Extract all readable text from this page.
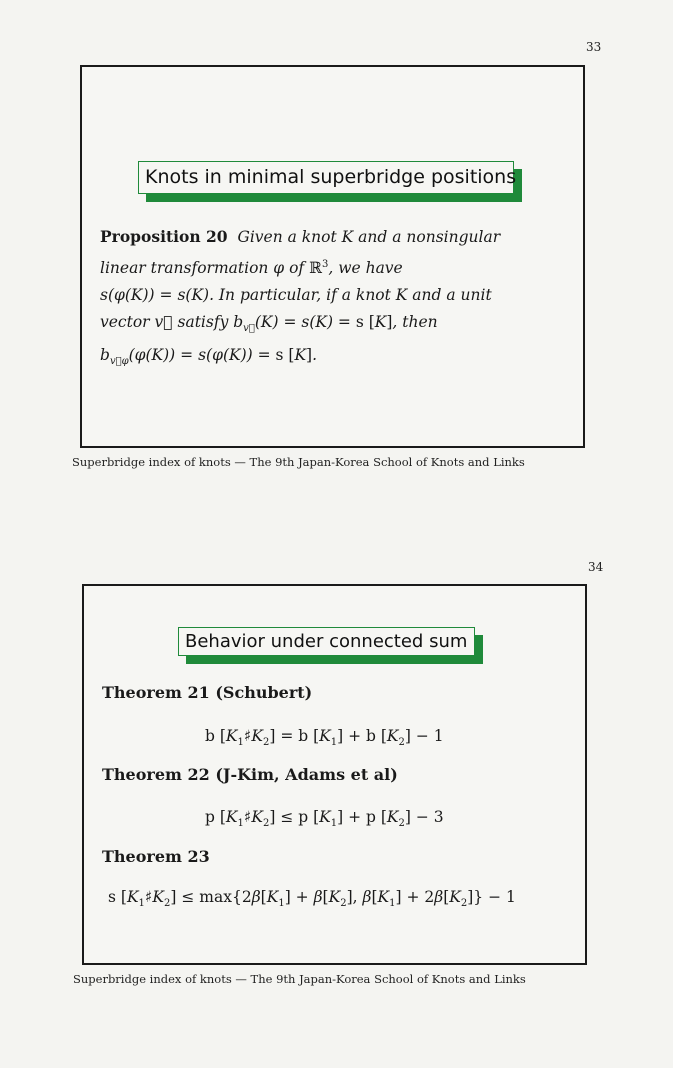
33
Knots in minimal superbridge positions
Proposition 20 Given a knot K and a nonsingular
linear transformation φ of ℝ$^3$, we have
s(φ(K)) = s(K). In particular, if a knot K and a unit
vector v⃗ satisfy $b_{v⃗}(K) = s(K) = s$ [K], then
$b_{v⃗\varphi}(\varphi(K)) = s(\varphi(K)) = s$ [K].
Superbridge index of knots — The 9th Japan-Korea School of Knots and Links
34
Behavior under connected sum
Theorem 21 (Schubert)
b $[K_1♯K_2] = b$ $[K_1] + b$ $[K_2] - 1$
Theorem 22 (J-Kim, Adams et al)
p $[K_1♯K_2] \le p$ $[K_1] + p$ $[K_2] - 3$
Theorem 23
s $[K_1♯K_2] \le \max\{2\beta[K_1] + \beta[K_2]$, $\beta[K_1] + 2\beta[K_2]\} - 1$
Superbridge index of knots — The 9th Japan-Korea School of Knots and Links
